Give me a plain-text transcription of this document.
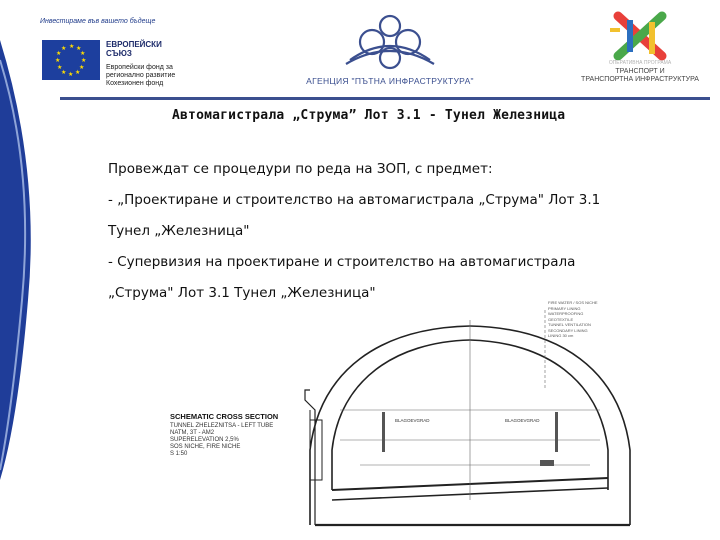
Инвестираме във вашето бъдеще
★ ★
★
★
★
★
★
★
★
★
★
★	ЕВРОПЕЙСКИ
СЪЮЗ
Европейски фонд за регионално развитие Кохезионен фонд	АГЕНЦИЯ "ПЪТНА ИНФРАСТРУКТУРА"
ОПЕРАТИВНА ПРОГРАМА
ТРАНСПОРТ И
ТРАНСПОРТНА ИНФРАСТРУКТУРА
Автомагистрала „Струма” Лот 3.1 - Тунел Железница
Провеждат се процедури по реда на ЗОП, с предмет:
- „Проектиране и строителство на автомагистрала „Струма" Лот 3.1
Тунел „Железница"
- Супервизия на проектиране и строителство на автомагистрала
„Струма" Лот 3.1 Тунел „Железница"
BLAGOEVGRAD	BLAGOEVGRAD
FIRE WATER / SOS NICHE
PRIMARY LINING
WATERPROOFING
GEOTEXTILE
TUNNEL VENTILATION
SECONDARY LINING
LINING 30 cm
SCHEMATIC CROSS SECTION
TUNNEL ZHELEZNITSA - LEFT TUBE
NATM, 3T - AM2
SUPERELEVATION 2,5%
SOS NICHE, FIRE NICHE
S 1:50
